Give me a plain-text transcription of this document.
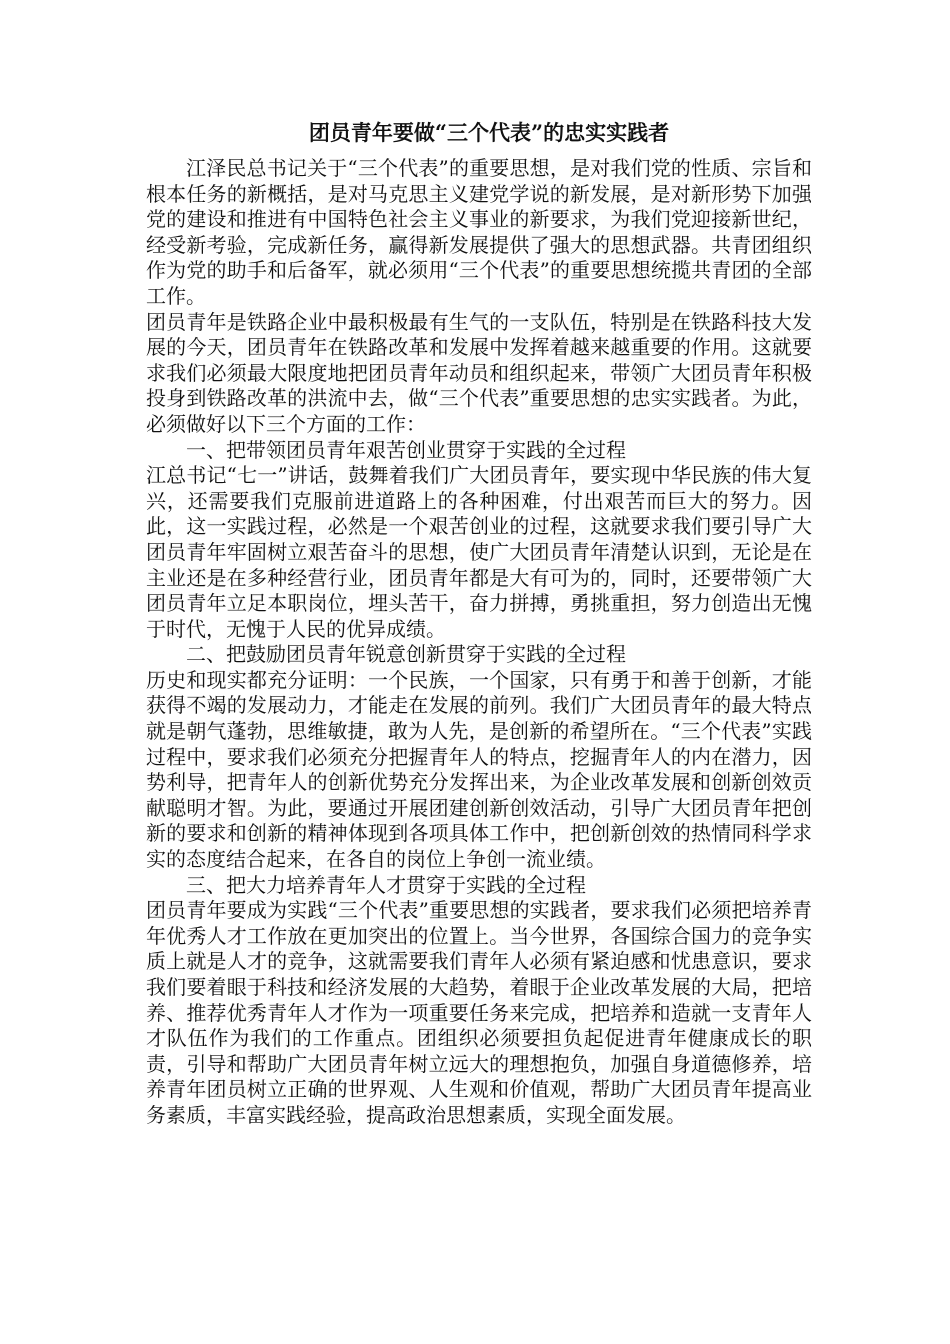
团员青年要做“三个代表”的忠实实践者

江泽民总书记关于“三个代表”的重要思想，是对我们党的性质、宗旨和根本任务的新概括，是对马克思主义建党学说的新发展，是对新形势下加强党的建设和推进有中国特色社会主义事业的新要求，为我们党迎接新世纪，经受新考验，完成新任务，赢得新发展提供了强大的思想武器。共青团组织作为党的助手和后备军，就必须用“三个代表”的重要思想统揽共青团的全部工作。

团员青年是铁路企业中最积极最有生气的一支队伍，特别是在铁路科技大发展的今天，团员青年在铁路改革和发展中发挥着越来越重要的作用。这就要求我们必须最大限度地把团员青年动员和组织起来，带领广大团员青年积极投身到铁路改革的洪流中去，做“三个代表”重要思想的忠实实践者。为此，必须做好以下三个方面的工作：

一、把带领团员青年艰苦创业贯穿于实践的全过程

江总书记“七一”讲话，鼓舞着我们广大团员青年，要实现中华民族的伟大复兴，还需要我们克服前进道路上的各种困难，付出艰苦而巨大的努力。因此，这一实践过程，必然是一个艰苦创业的过程，这就要求我们要引导广大团员青年牢固树立艰苦奋斗的思想，使广大团员青年清楚认识到，无论是在主业还是在多种经营行业，团员青年都是大有可为的，同时，还要带领广大团员青年立足本职岗位，埋头苦干，奋力拼搏，勇挑重担，努力创造出无愧于时代，无愧于人民的优异成绩。

二、把鼓励团员青年锐意创新贯穿于实践的全过程

历史和现实都充分证明：一个民族，一个国家，只有勇于和善于创新，才能获得不竭的发展动力，才能走在发展的前列。我们广大团员青年的最大特点就是朝气蓬勃，思维敏捷，敢为人先，是创新的希望所在。“三个代表”实践过程中，要求我们必须充分把握青年人的特点，挖掘青年人的内在潜力，因势利导，把青年人的创新优势充分发挥出来，为企业改革发展和创新创效贡献聪明才智。为此，要通过开展团建创新创效活动，引导广大团员青年把创新的要求和创新的精神体现到各项具体工作中，把创新创效的热情同科学求实的态度结合起来，在各自的岗位上争创一流业绩。

三、把大力培养青年人才贯穿于实践的全过程

团员青年要成为实践“三个代表”重要思想的实践者，要求我们必须把培养青年优秀人才工作放在更加突出的位置上。当今世界，各国综合国力的竞争实质上就是人才的竞争，这就需要我们青年人必须有紧迫感和忧患意识，要求我们要着眼于科技和经济发展的大趋势，着眼于企业改革发展的大局，把培养、推荐优秀青年人才作为一项重要任务来完成，把培养和造就一支青年人才队伍作为我们的工作重点。团组织必须要担负起促进青年健康成长的职责，引导和帮助广大团员青年树立远大的理想抱负，加强自身道德修养，培养青年团员树立正确的世界观、人生观和价值观，帮助广大团员青年提高业务素质，丰富实践经验，提高政治思想素质，实现全面发展。
